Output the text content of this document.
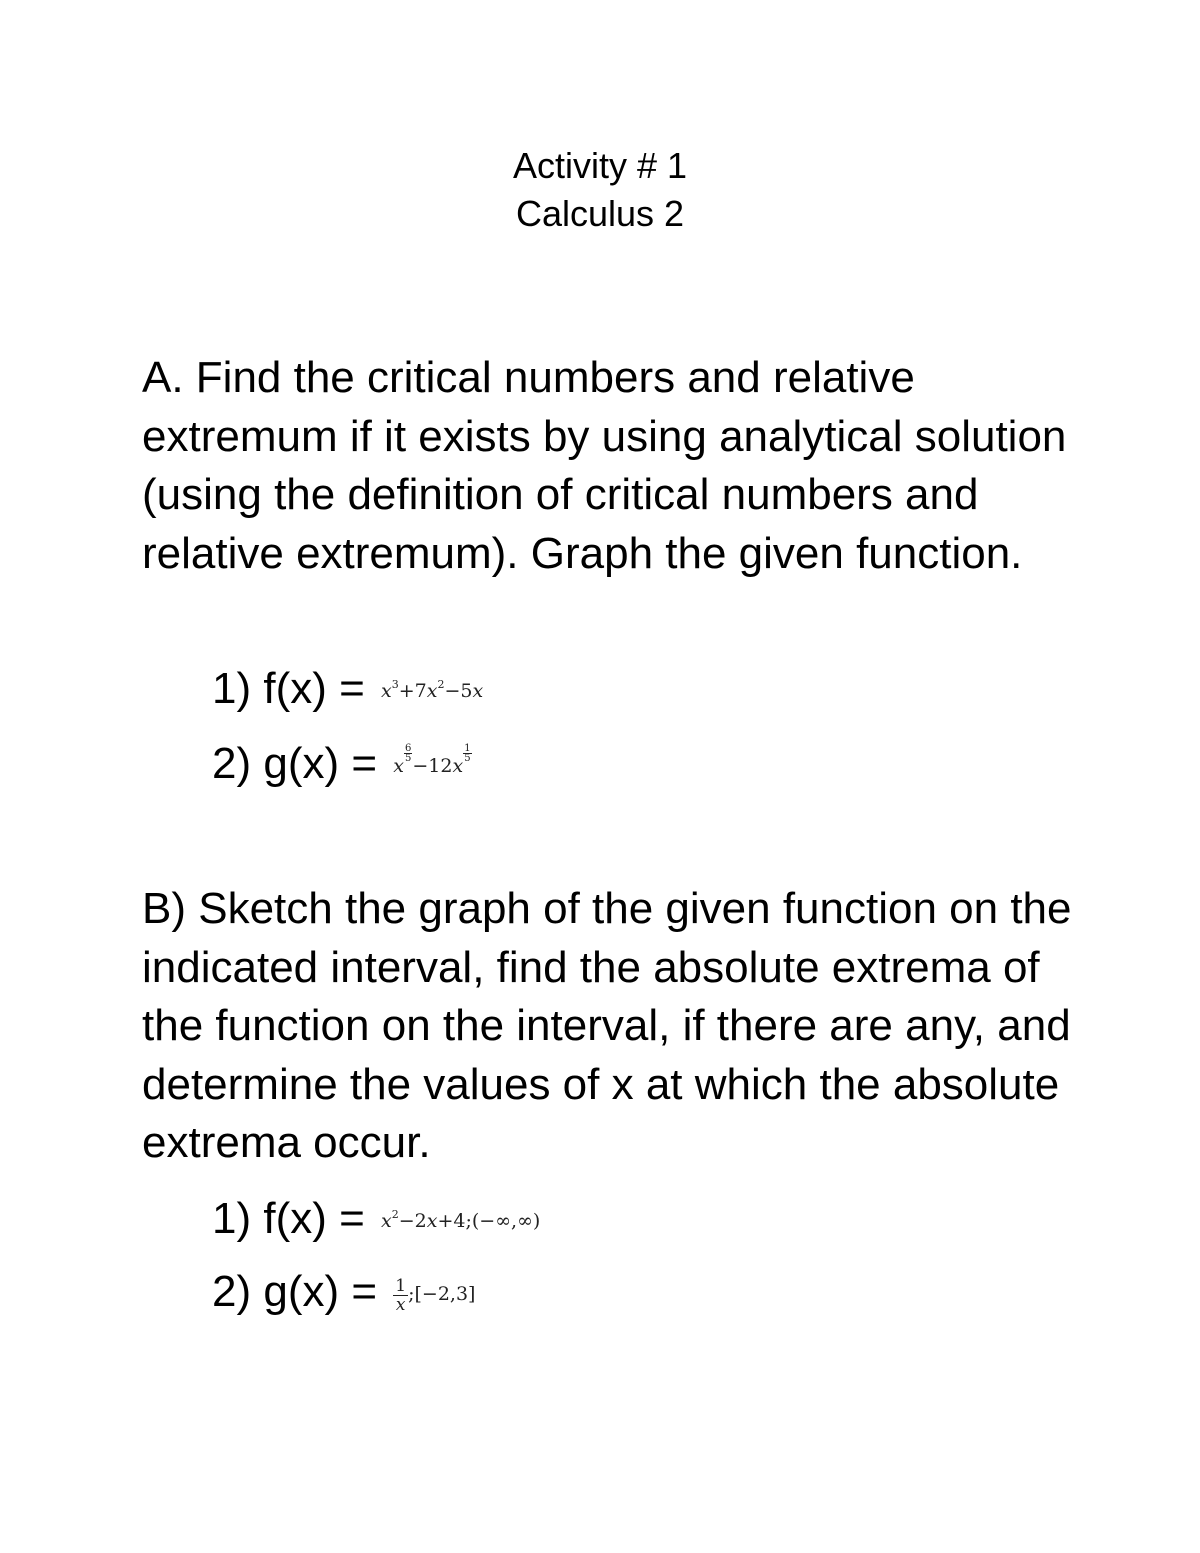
Activity # 1
Calculus 2
A. Find the critical numbers and relative extremum if it exists by using analytical solution (using the definition of critical numbers and relative extremum). Graph the given function.
1) $f(x) = x^3+7x^2-5x$
2) g(x) = x
$\frac{6}{5}$
−12x
$\frac{1}{5}$
B) Sketch the graph of the given function on the indicated interval, find the absolute extrema of the function on the interval, if there are any, and determine the values of x at which the absolute extrema occur.
1) $f(x) = x^2-2x+4;(-\infty,\infty)$
2) $g(x) = \frac{1}{x}$ ;[−2,3]
